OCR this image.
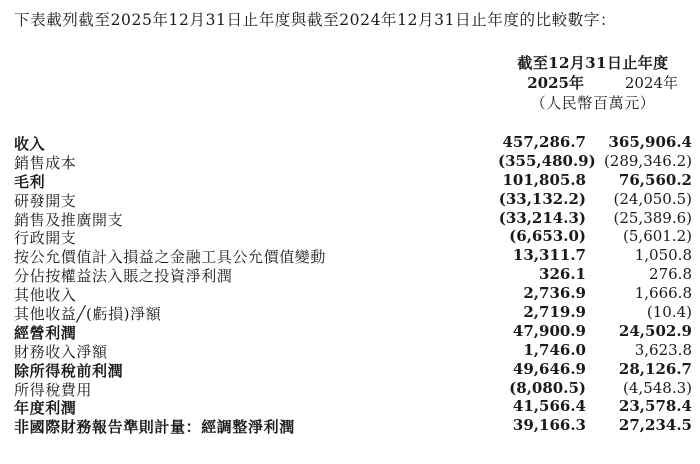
下表載列截至2025年12月31日止年度與截至2024年12月31日止年度的比較數字：
截至12月31日止年度
2025年	2024年
（人民幣百萬元）
收入	457,286.7	365,906.4
銷售成本	(355,480.9) (289,346.2)
毛利	101,805.8	76,560.2
研發開支	(33,132.2)	(24,050.5)
銷售及推廣開支	(33,214.3)	(25,389.6)
行政開支	(6,653.0)	(5,601.2)
按公允價值計入損益之金融工具公允價值變動	13,311.7	1,050.8
分佔按權益法入賬之投資淨利潤	326.1	276.8
其他收入	2,736.9	1,666.8
其他收益╱(虧損)淨額	2,719.9	(10.4)
經營利潤	47,900.9	24,502.9
財務收入淨額	1,746.0	3,623.8
除所得稅前利潤	49,646.9	28,126.7
所得稅費用	(8,080.5)	(4,548.3)
年度利潤	41,566.4	23,578.4
非國際財務報告準則計量：經調整淨利潤	39,166.3	27,234.5
